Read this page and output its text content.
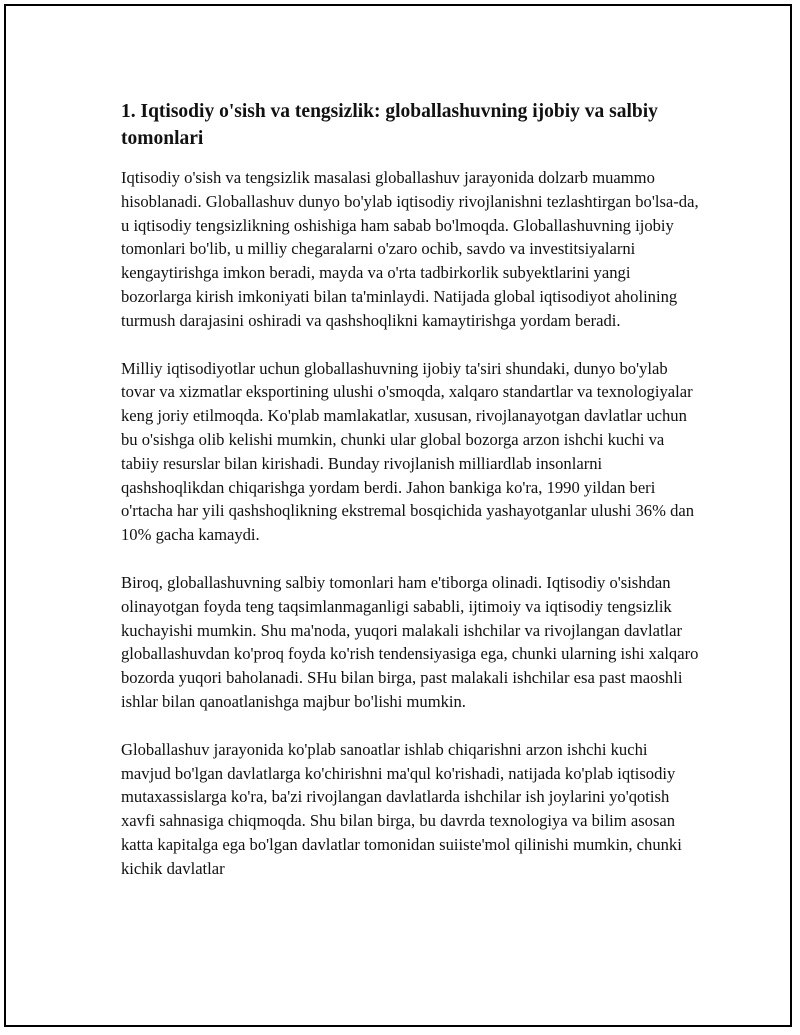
1. Iqtisodiy o'sish va tengsizlik: globallashuvning ijobiy va salbiy tomonlari

Iqtisodiy o'sish va tengsizlik masalasi globallashuv jarayonida dolzarb muammo hisoblanadi. Globallashuv dunyo bo'ylab iqtisodiy rivojlanishni tezlashtirgan bo'lsa-da, u iqtisodiy tengsizlikning oshishiga ham sabab bo'lmoqda. Globallashuvning ijobiy tomonlari bo'lib, u milliy chegaralarni o'zaro ochib, savdo va investitsiyalarni kengaytirishga imkon beradi, mayda va o'rta tadbirkorlik subyektlarini yangi bozorlarga kirish imkoniyati bilan ta'minlaydi. Natijada global iqtisodiyot aholining turmush darajasini oshiradi va qashshoqlikni kamaytirishga yordam beradi.

Milliy iqtisodiyotlar uchun globallashuvning ijobiy ta'siri shundaki, dunyo bo'ylab tovar va xizmatlar eksportining ulushi o'smoqda, xalqaro standartlar va texnologiyalar keng joriy etilmoqda. Ko'plab mamlakatlar, xususan, rivojlanayotgan davlatlar uchun bu o'sishga olib kelishi mumkin, chunki ular global bozorga arzon ishchi kuchi va tabiiy resurslar bilan kirishadi. Bunday rivojlanish milliardlab insonlarni qashshoqlikdan chiqarishga yordam berdi. Jahon bankiga ko'ra, 1990 yildan beri o'rtacha har yili qashshoqlikning ekstremal bosqichida yashayotganlar ulushi 36% dan 10% gacha kamaydi.

Biroq, globallashuvning salbiy tomonlari ham e'tiborga olinadi. Iqtisodiy o'sishdan olinayotgan foyda teng taqsimlanmaganligi sababli, ijtimoiy va iqtisodiy tengsizlik kuchayishi mumkin. Shu ma'noda, yuqori malakali ishchilar va rivojlangan davlatlar globallashuvdan ko'proq foyda ko'rish tendensiyasiga ega, chunki ularning ishi xalqaro bozorda yuqori baholanadi. SHu bilan birga, past malakali ishchilar esa past maoshli ishlar bilan qanoatlanishga majbur bo'lishi mumkin.

Globallashuv jarayonida ko'plab sanoatlar ishlab chiqarishni arzon ishchi kuchi mavjud bo'lgan davlatlarga ko'chirishni ma'qul ko'rishadi, natijada ko'plab iqtisodiy mutaxassislarga ko'ra, ba'zi rivojlangan davlatlarda ishchilar ish joylarini yo'qotish xavfi sahnasiga chiqmoqda. Shu bilan birga, bu davrda texnologiya va bilim asosan katta kapitalga ega bo'lgan davlatlar tomonidan suiiste'mol qilinishi mumkin, chunki kichik davlatlar
